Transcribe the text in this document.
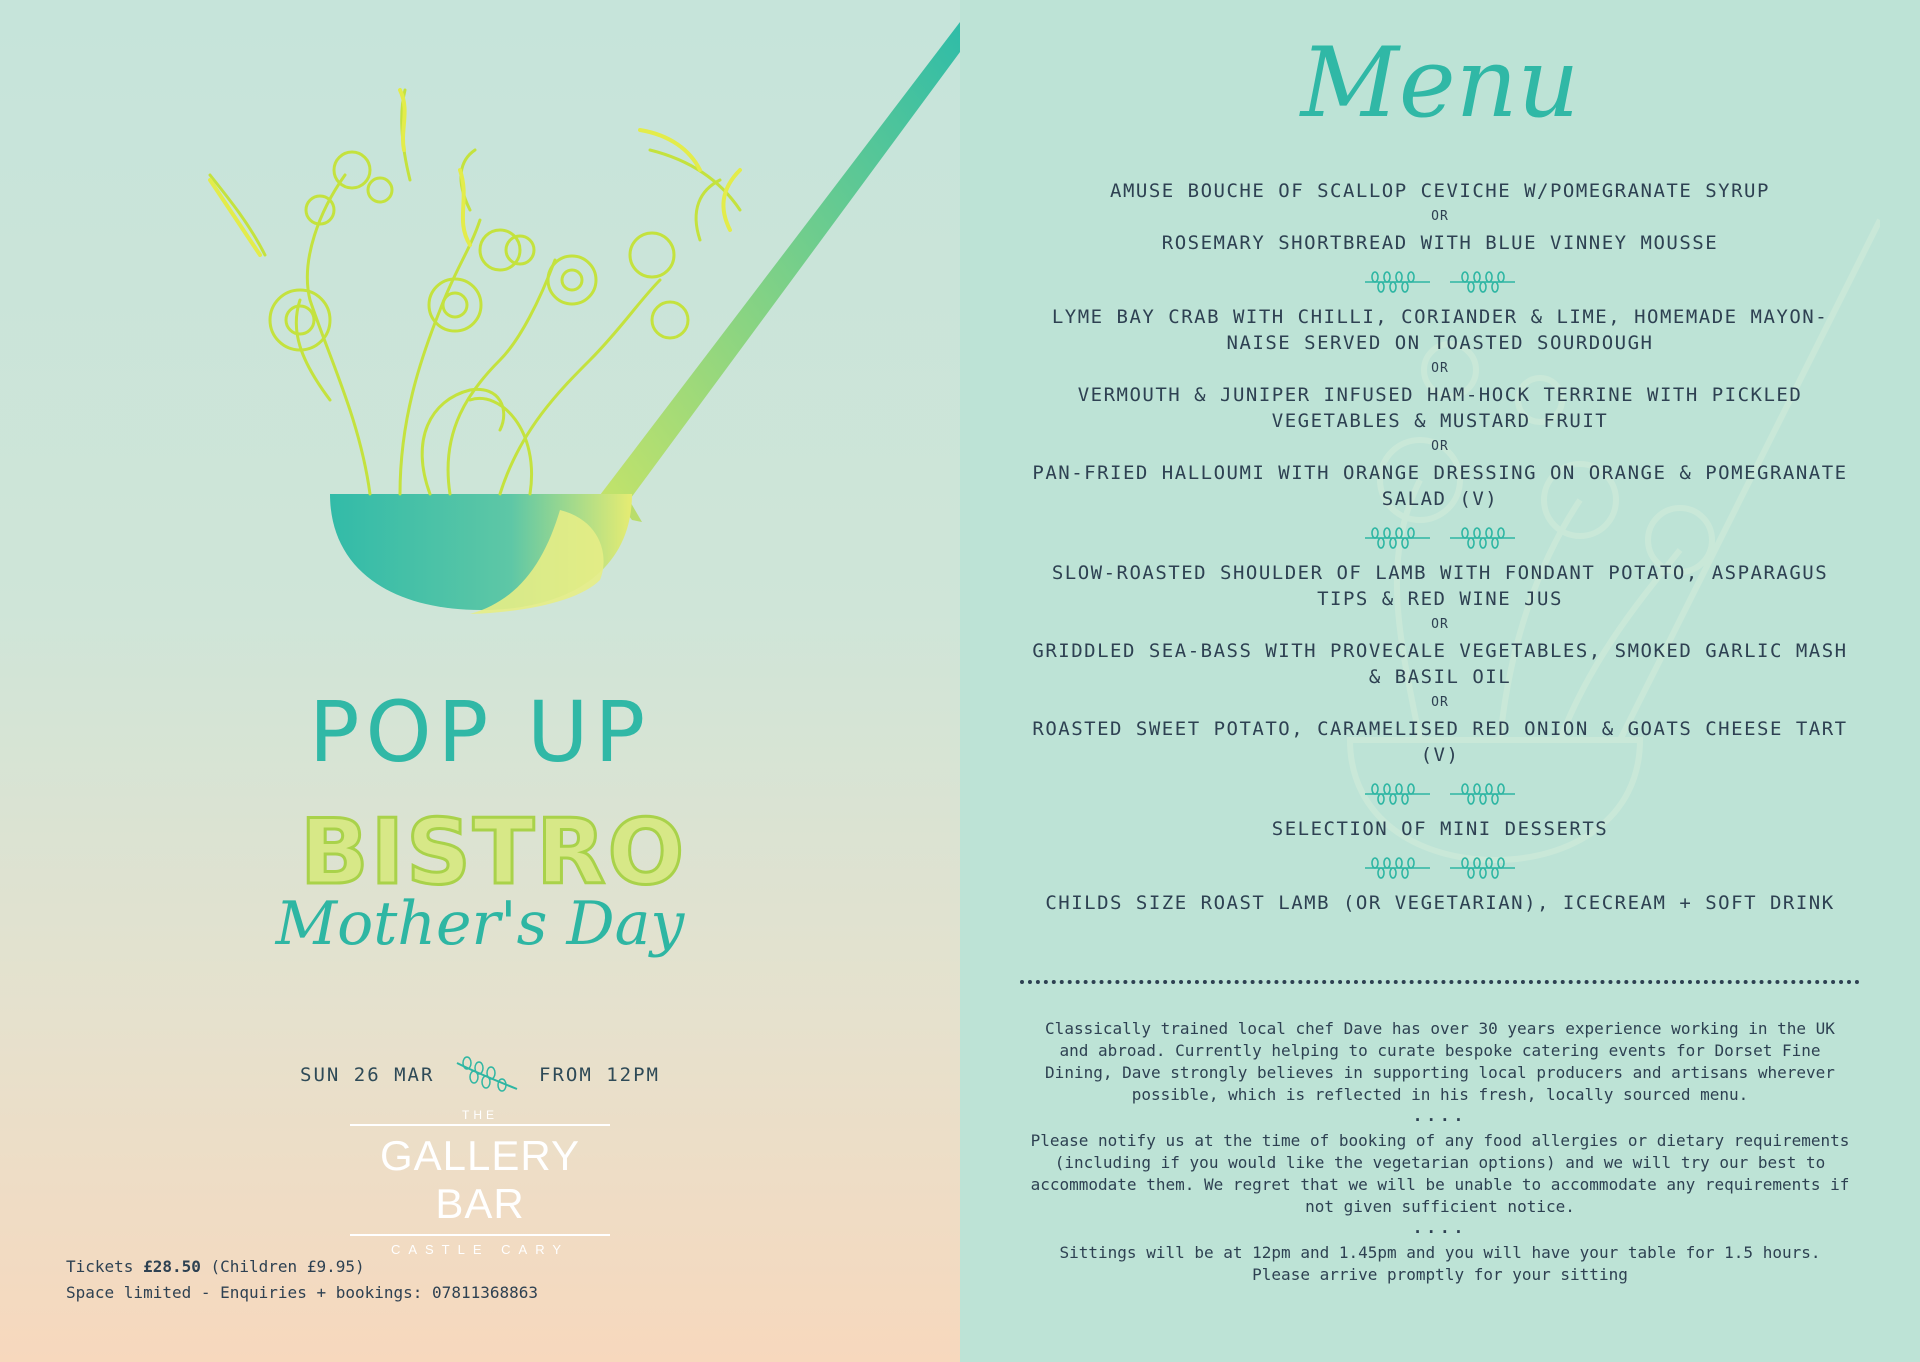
POP UP
BISTRO
Mother's Day
SUN 26 MAR	FROM 12PM
THE
GALLERY BAR
CASTLE CARY
Tickets £28.50 (Children £9.95)
Space limited - Enquiries + bookings: 07811368863
Menu
AMUSE BOUCHE OF SCALLOP CEVICHE W/POMEGRANATE SYRUP
OR
ROSEMARY SHORTBREAD WITH BLUE VINNEY MOUSSE
LYME BAY CRAB WITH CHILLI, CORIANDER & LIME, HOMEMADE MAYON-NAISE SERVED ON TOASTED SOURDOUGH
OR
VERMOUTH & JUNIPER INFUSED HAM-HOCK TERRINE WITH PICKLED VEGETABLES & MUSTARD FRUIT
OR
PAN-FRIED HALLOUMI WITH ORANGE DRESSING ON ORANGE & POMEGRANATE SALAD (V)
SLOW-ROASTED SHOULDER OF LAMB WITH FONDANT POTATO, ASPARAGUS TIPS & RED WINE JUS
OR
GRIDDLED SEA-BASS WITH PROVECALE VEGETABLES, SMOKED GARLIC MASH & BASIL OIL
OR
ROASTED SWEET POTATO, CARAMELISED RED ONION & GOATS CHEESE TART (V)
SELECTION OF MINI DESSERTS
CHILDS SIZE ROAST LAMB (OR VEGETARIAN), ICECREAM + SOFT DRINK

Classically trained local chef Dave has over 30 years experience working in the UK and abroad. Currently helping to curate bespoke catering events for Dorset Fine Dining, Dave strongly believes in supporting local producers and artisans wherever possible, which is reflected in his fresh, locally sourced menu.

....

Please notify us at the time of booking of any food allergies or dietary requirements (including if you would like the vegetarian options) and we will try our best to accommodate them. We regret that we will be unable to accommodate any requirements if not given sufficient notice.

....

Sittings will be at 12pm and 1.45pm and you will have your table for 1.5 hours. Please arrive promptly for your sitting
